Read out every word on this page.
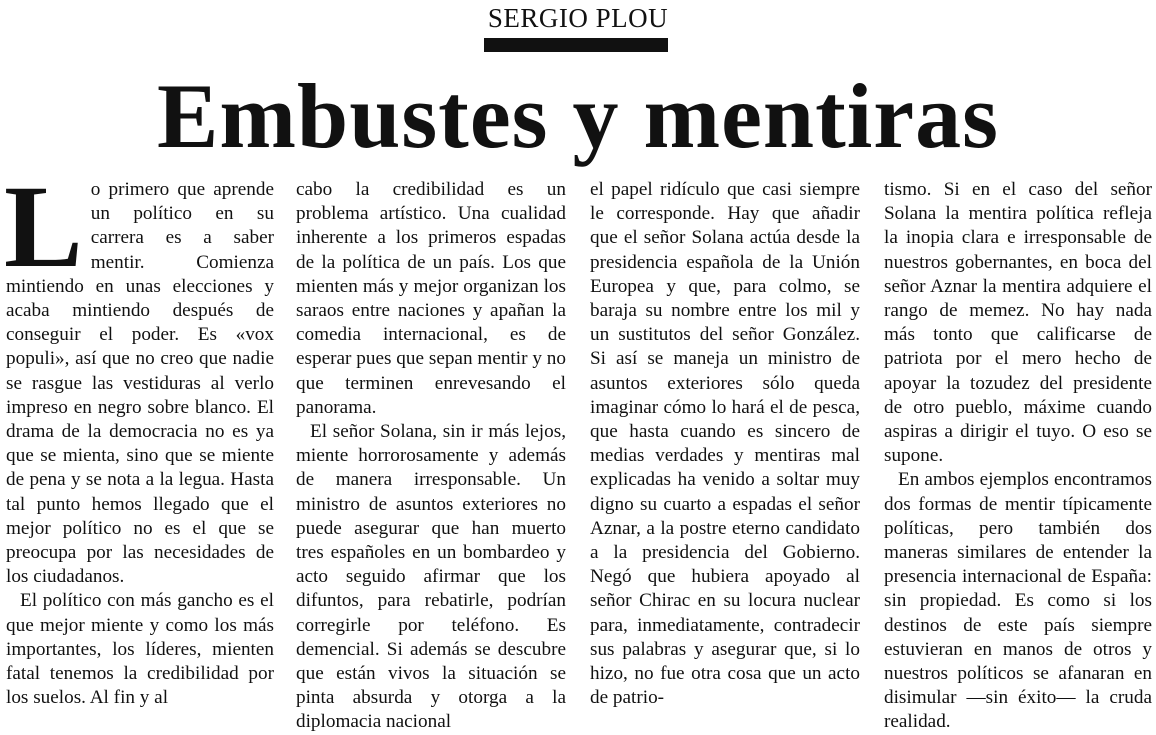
SERGIO PLOU
Embustes y mentiras
L o primero que aprende un político en su carrera es a saber mentir. Comienza mintiendo en unas elecciones y acaba mintiendo después de conseguir el poder. Es «vox populi», así que no creo que nadie se rasgue las vestiduras al verlo impreso en negro sobre blanco. El drama de la democracia no es ya que se mienta, sino que se miente de pena y se nota a la legua. Hasta tal punto hemos llegado que el mejor político no es el que se preocupa por las necesidades de los ciudadanos.

El político con más gancho es el que mejor miente y como los más importantes, los líderes, mienten fatal tenemos la credibilidad por los suelos. Al fin y al

cabo la credibilidad es un problema artístico. Una cualidad inherente a los primeros espadas de la política de un país. Los que mienten más y mejor organizan los saraos entre naciones y apañan la comedia internacional, es de esperar pues que sepan mentir y no que terminen enrevesando el panorama.

El señor Solana, sin ir más lejos, miente horrorosamente y además de manera irresponsable. Un ministro de asuntos exteriores no puede asegurar que han muerto tres españoles en un bombardeo y acto seguido afirmar que los difuntos, para rebatirle, podrían corregirle por teléfono. Es demencial. Si además se descubre que están vivos la situación se pinta absurda y otorga a la diplomacia nacional

el papel ridículo que casi siempre le corresponde. Hay que añadir que el señor Solana actúa desde la presidencia española de la Unión Europea y que, para colmo, se baraja su nombre entre los mil y un sustitutos del señor González. Si así se maneja un ministro de asuntos exteriores sólo queda imaginar cómo lo hará el de pesca, que hasta cuando es sincero de medias verdades y mentiras mal explicadas ha venido a soltar muy digno su cuarto a espadas el señor Aznar, a la postre eterno candidato a la presidencia del Gobierno. Negó que hubiera apoyado al señor Chirac en su locura nuclear para, inmediatamente, contradecir sus palabras y asegurar que, si lo hizo, no fue otra cosa que un acto de patrio-

tismo. Si en el caso del señor Solana la mentira política refleja la inopia clara e irresponsable de nuestros gobernantes, en boca del señor Aznar la mentira adquiere el rango de memez. No hay nada más tonto que calificarse de patriota por el mero hecho de apoyar la tozudez del presidente de otro pueblo, máxime cuando aspiras a dirigir el tuyo. O eso se supone.

En ambos ejemplos encontramos dos formas de mentir típicamente políticas, pero también dos maneras similares de entender la presencia internacional de España: sin propiedad. Es como si los destinos de este país siempre estuvieran en manos de otros y nuestros políticos se afanaran en disimular —sin éxito— la cruda realidad.
